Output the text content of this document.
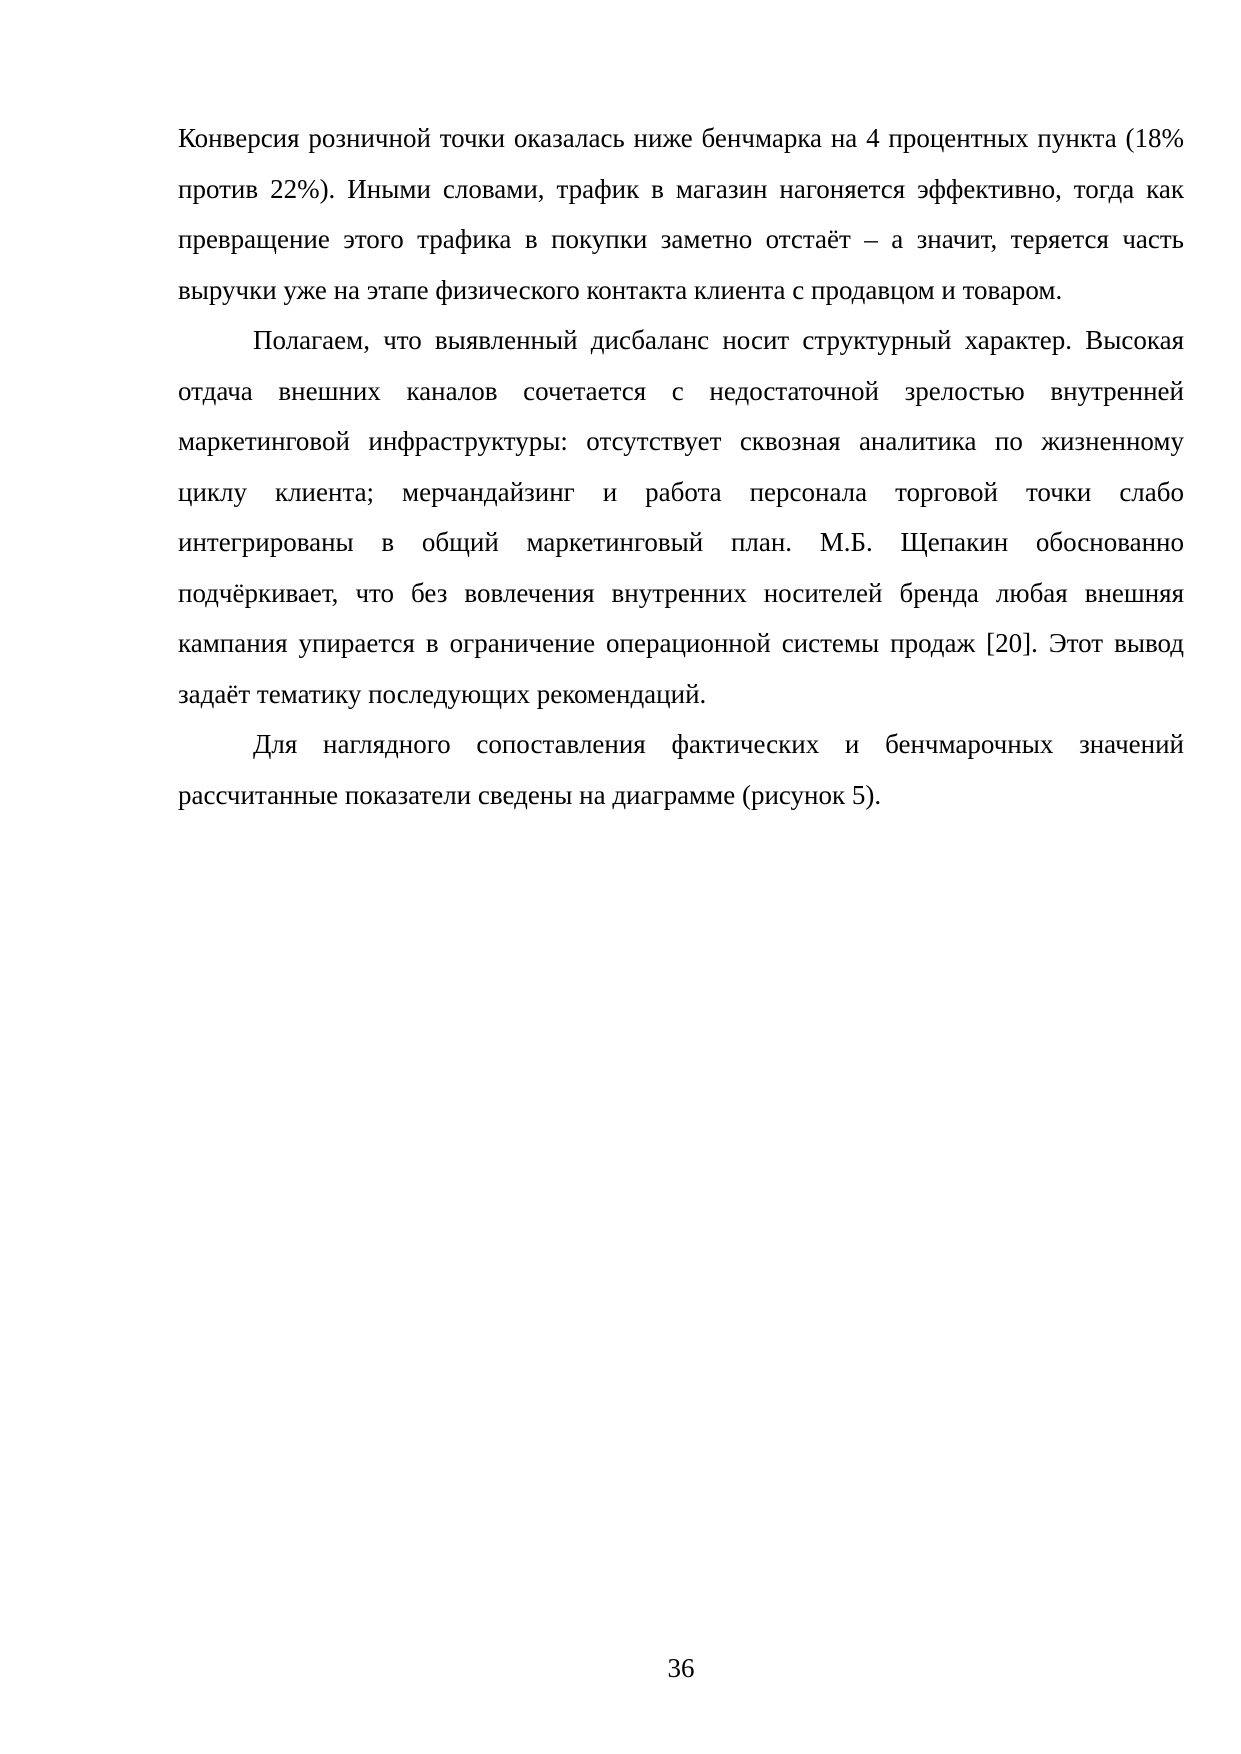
Конверсия розничной точки оказалась ниже бенчмарка на 4 процентных пункта (18% против 22%). Иными словами, трафик в магазин нагоняется эффективно, тогда как превращение этого трафика в покупки заметно отстаёт – а значит, теряется часть выручки уже на этапе физического контакта клиента с продавцом и товаром.

Полагаем, что выявленный дисбаланс носит структурный характер. Высокая отдача внешних каналов сочетается с недостаточной зрелостью внутренней маркетинговой инфраструктуры: отсутствует сквозная аналитика по жизненному циклу клиента; мерчандайзинг и работа персонала торговой точки слабо интегрированы в общий маркетинговый план. М.Б. Щепакин обоснованно подчёркивает, что без вовлечения внутренних носителей бренда любая внешняя кампания упирается в ограничение операционной системы продаж [20]. Этот вывод задаёт тематику последующих рекомендаций.

Для наглядного сопоставления фактических и бенчмарочных значений рассчитанные показатели сведены на диаграмме (рисунок 5).

36
